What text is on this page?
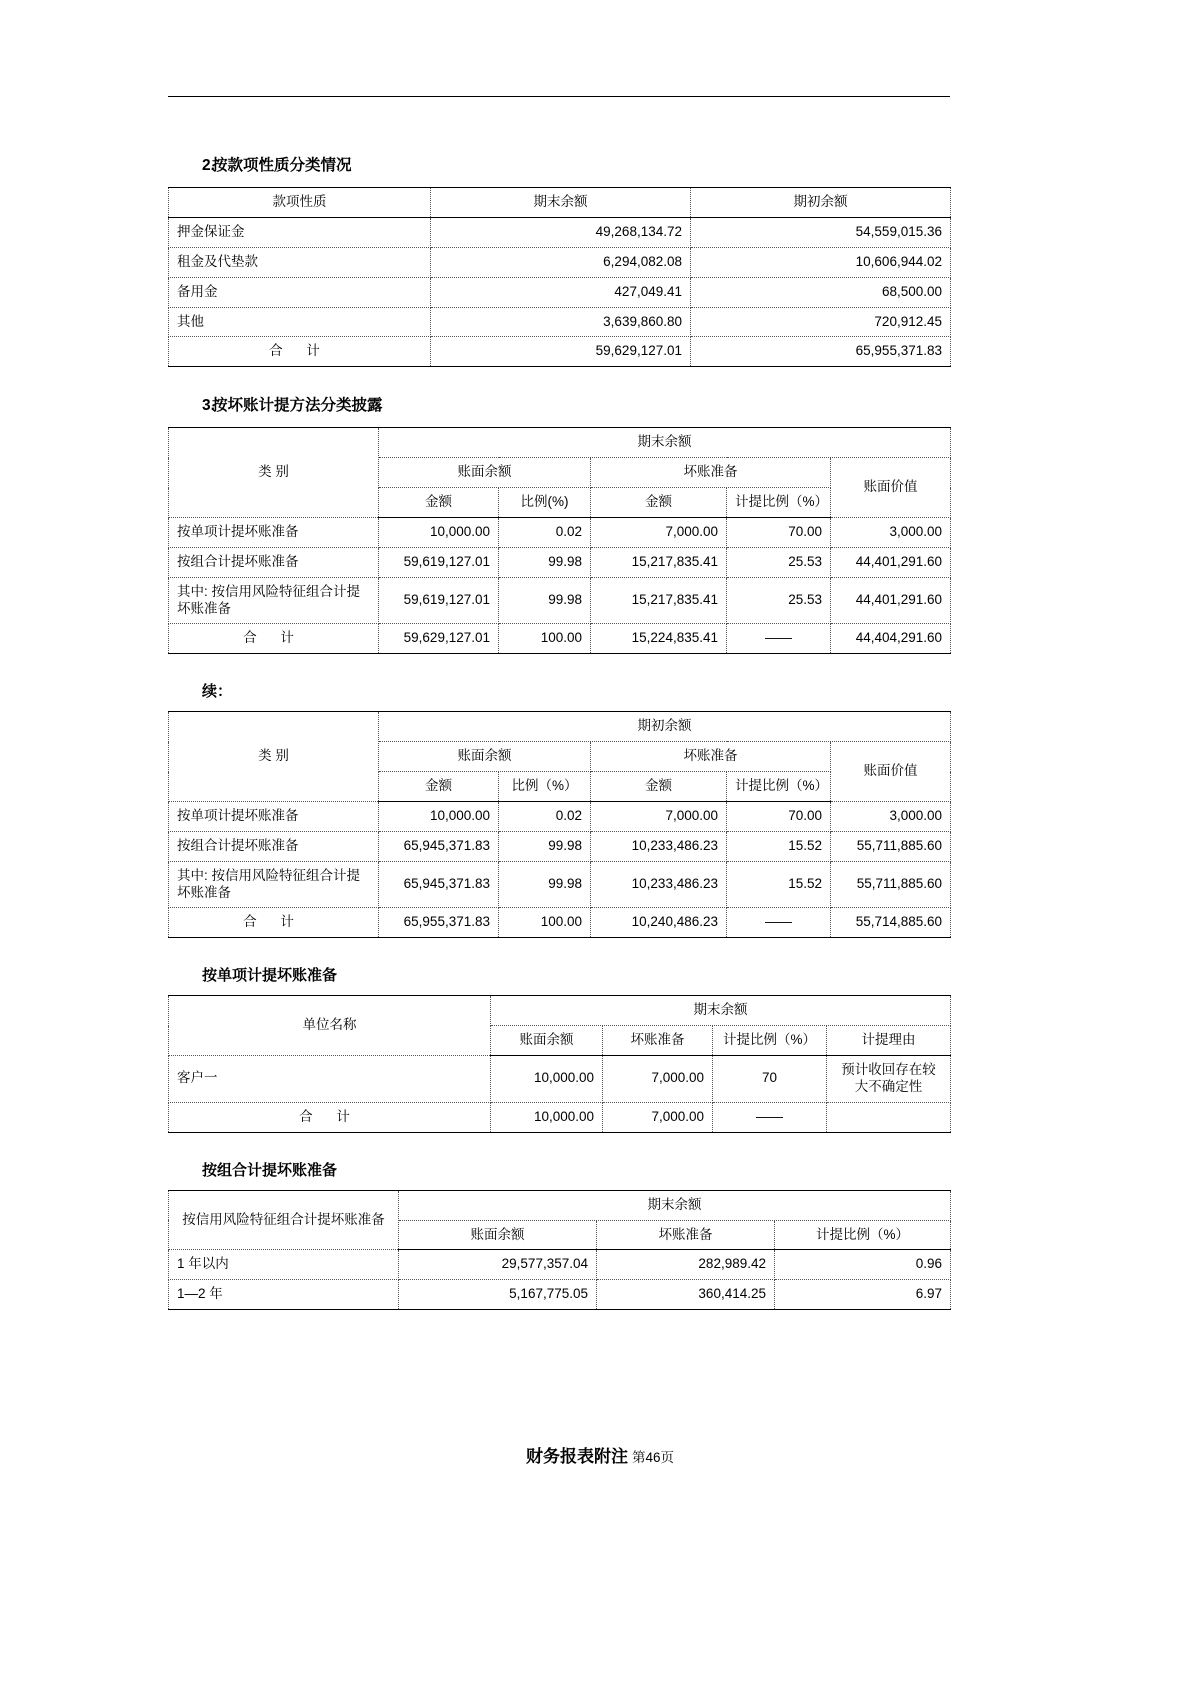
2.
按款项性质分类情况
款项性质	期末余额	期初余额
押金保证金	49,268,134.72	54,559,015.36
租金及代垫款	6,294,082.08	10,606,944.02
备用金	427,049.41	68,500.00
其他	3,639,860.80	720,912.45
合 计	59,629,127.01	65,955,371.83
3.
按坏账计提方法分类披露
类 别	期末余额				
	账面余额		坏账准备		账面价值
	金额	比例(%)	金额	计提比例（%）	
按单项计提坏账准备	10,000.00	0.02	7,000.00	70.00	3,000.00
按组合计提坏账准备	59,619,127.01	99.98	15,217,835.41	25.53	44,401,291.60
其中: 按信用风险特征组合计提坏账准备	59,619,127.01	99.98	15,217,835.41	25.53	44,401,291.60
合 计	59,629,127.01	100.00	15,224,835.41	——	44,404,291.60
续：
类 别	期初余额				
	账面余额		坏账准备		账面价值
	金额	比例（%）	金额	计提比例（%）	
按单项计提坏账准备	10,000.00	0.02	7,000.00	70.00	3,000.00
按组合计提坏账准备	65,945,371.83	99.98	10,233,486.23	15.52	55,711,885.60
其中: 按信用风险特征组合计提坏账准备	65,945,371.83	99.98	10,233,486.23	15.52	55,711,885.60
合 计	65,955,371.83	100.00	10,240,486.23	——	55,714,885.60
按单项计提坏账准备
单位名称	期末余额			
	账面余额	坏账准备	计提比例（%）	计提理由
客户一	10,000.00	7,000.00	70	预计收回存在较大不确定性
合 计	10,000.00	7,000.00	——	
按组合计提坏账准备
按信用风险特征组合计提坏账准备	期末余额		
	账面余额	坏账准备	计提比例（%）
1 年以内	29,577,357.04	282,989.42	0.96
1—2 年	5,167,775.05	360,414.25	6.97
财务报表附注 第46页
